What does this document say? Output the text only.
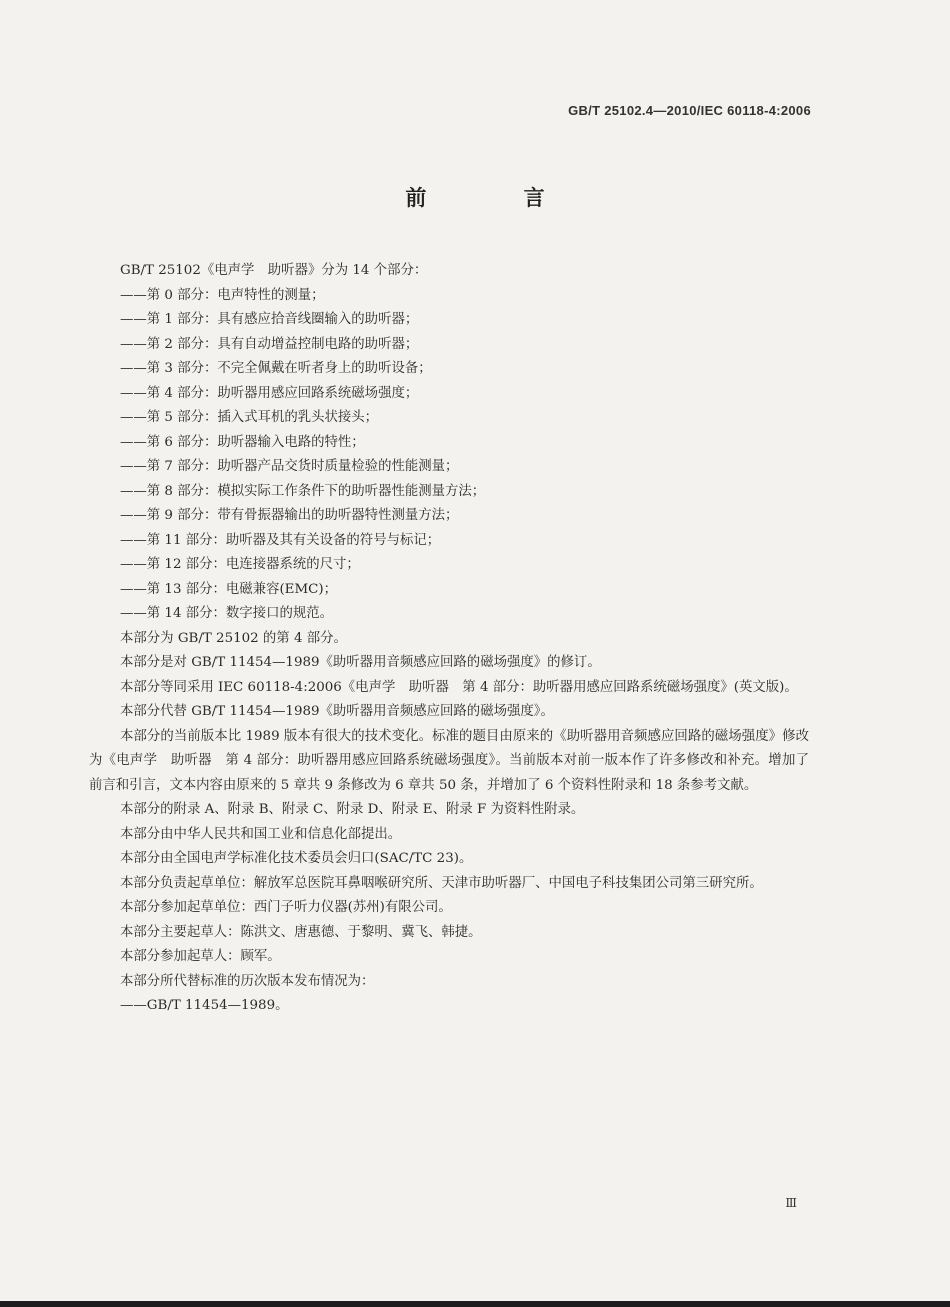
GB/T 25102.4—2010/IEC 60118-4:2006
前 言
GB/T 25102《电声学　助听器》分为 14 个部分：
——第 0 部分：电声特性的测量；
——第 1 部分：具有感应拾音线圈输入的助听器；
——第 2 部分：具有自动增益控制电路的助听器；
——第 3 部分：不完全佩戴在听者身上的助听设备；
——第 4 部分：助听器用感应回路系统磁场强度；
——第 5 部分：插入式耳机的乳头状接头；
——第 6 部分：助听器输入电路的特性；
——第 7 部分：助听器产品交货时质量检验的性能测量；
——第 8 部分：模拟实际工作条件下的助听器性能测量方法；
——第 9 部分：带有骨振器输出的助听器特性测量方法；
——第 11 部分：助听器及其有关设备的符号与标记；
——第 12 部分：电连接器系统的尺寸；
——第 13 部分：电磁兼容(EMC)；
——第 14 部分：数字接口的规范。
本部分为 GB/T 25102 的第 4 部分。
本部分是对 GB/T 11454—1989《助听器用音频感应回路的磁场强度》的修订。
本部分等同采用 IEC 60118-4:2006《电声学　助听器　第 4 部分：助听器用感应回路系统磁场强度》(英文版)。
本部分代替 GB/T 11454—1989《助听器用音频感应回路的磁场强度》。
本部分的当前版本比 1989 版本有很大的技术变化。标准的题目由原来的《助听器用音频感应回路的磁场强度》修改为《电声学　助听器　第 4 部分：助听器用感应回路系统磁场强度》。当前版本对前一版本作了许多修改和补充。增加了前言和引言，文本内容由原来的 5 章共 9 条修改为 6 章共 50 条，并增加了 6 个资料性附录和 18 条参考文献。
本部分的附录 A、附录 B、附录 C、附录 D、附录 E、附录 F 为资料性附录。
本部分由中华人民共和国工业和信息化部提出。
本部分由全国电声学标准化技术委员会归口(SAC/TC 23)。
本部分负责起草单位：解放军总医院耳鼻咽喉研究所、天津市助听器厂、中国电子科技集团公司第三研究所。
本部分参加起草单位：西门子听力仪器(苏州)有限公司。
本部分主要起草人：陈洪文、唐惠德、于黎明、冀飞、韩捷。
本部分参加起草人：顾军。
本部分所代替标准的历次版本发布情况为：
——GB/T 11454—1989。
Ⅲ
